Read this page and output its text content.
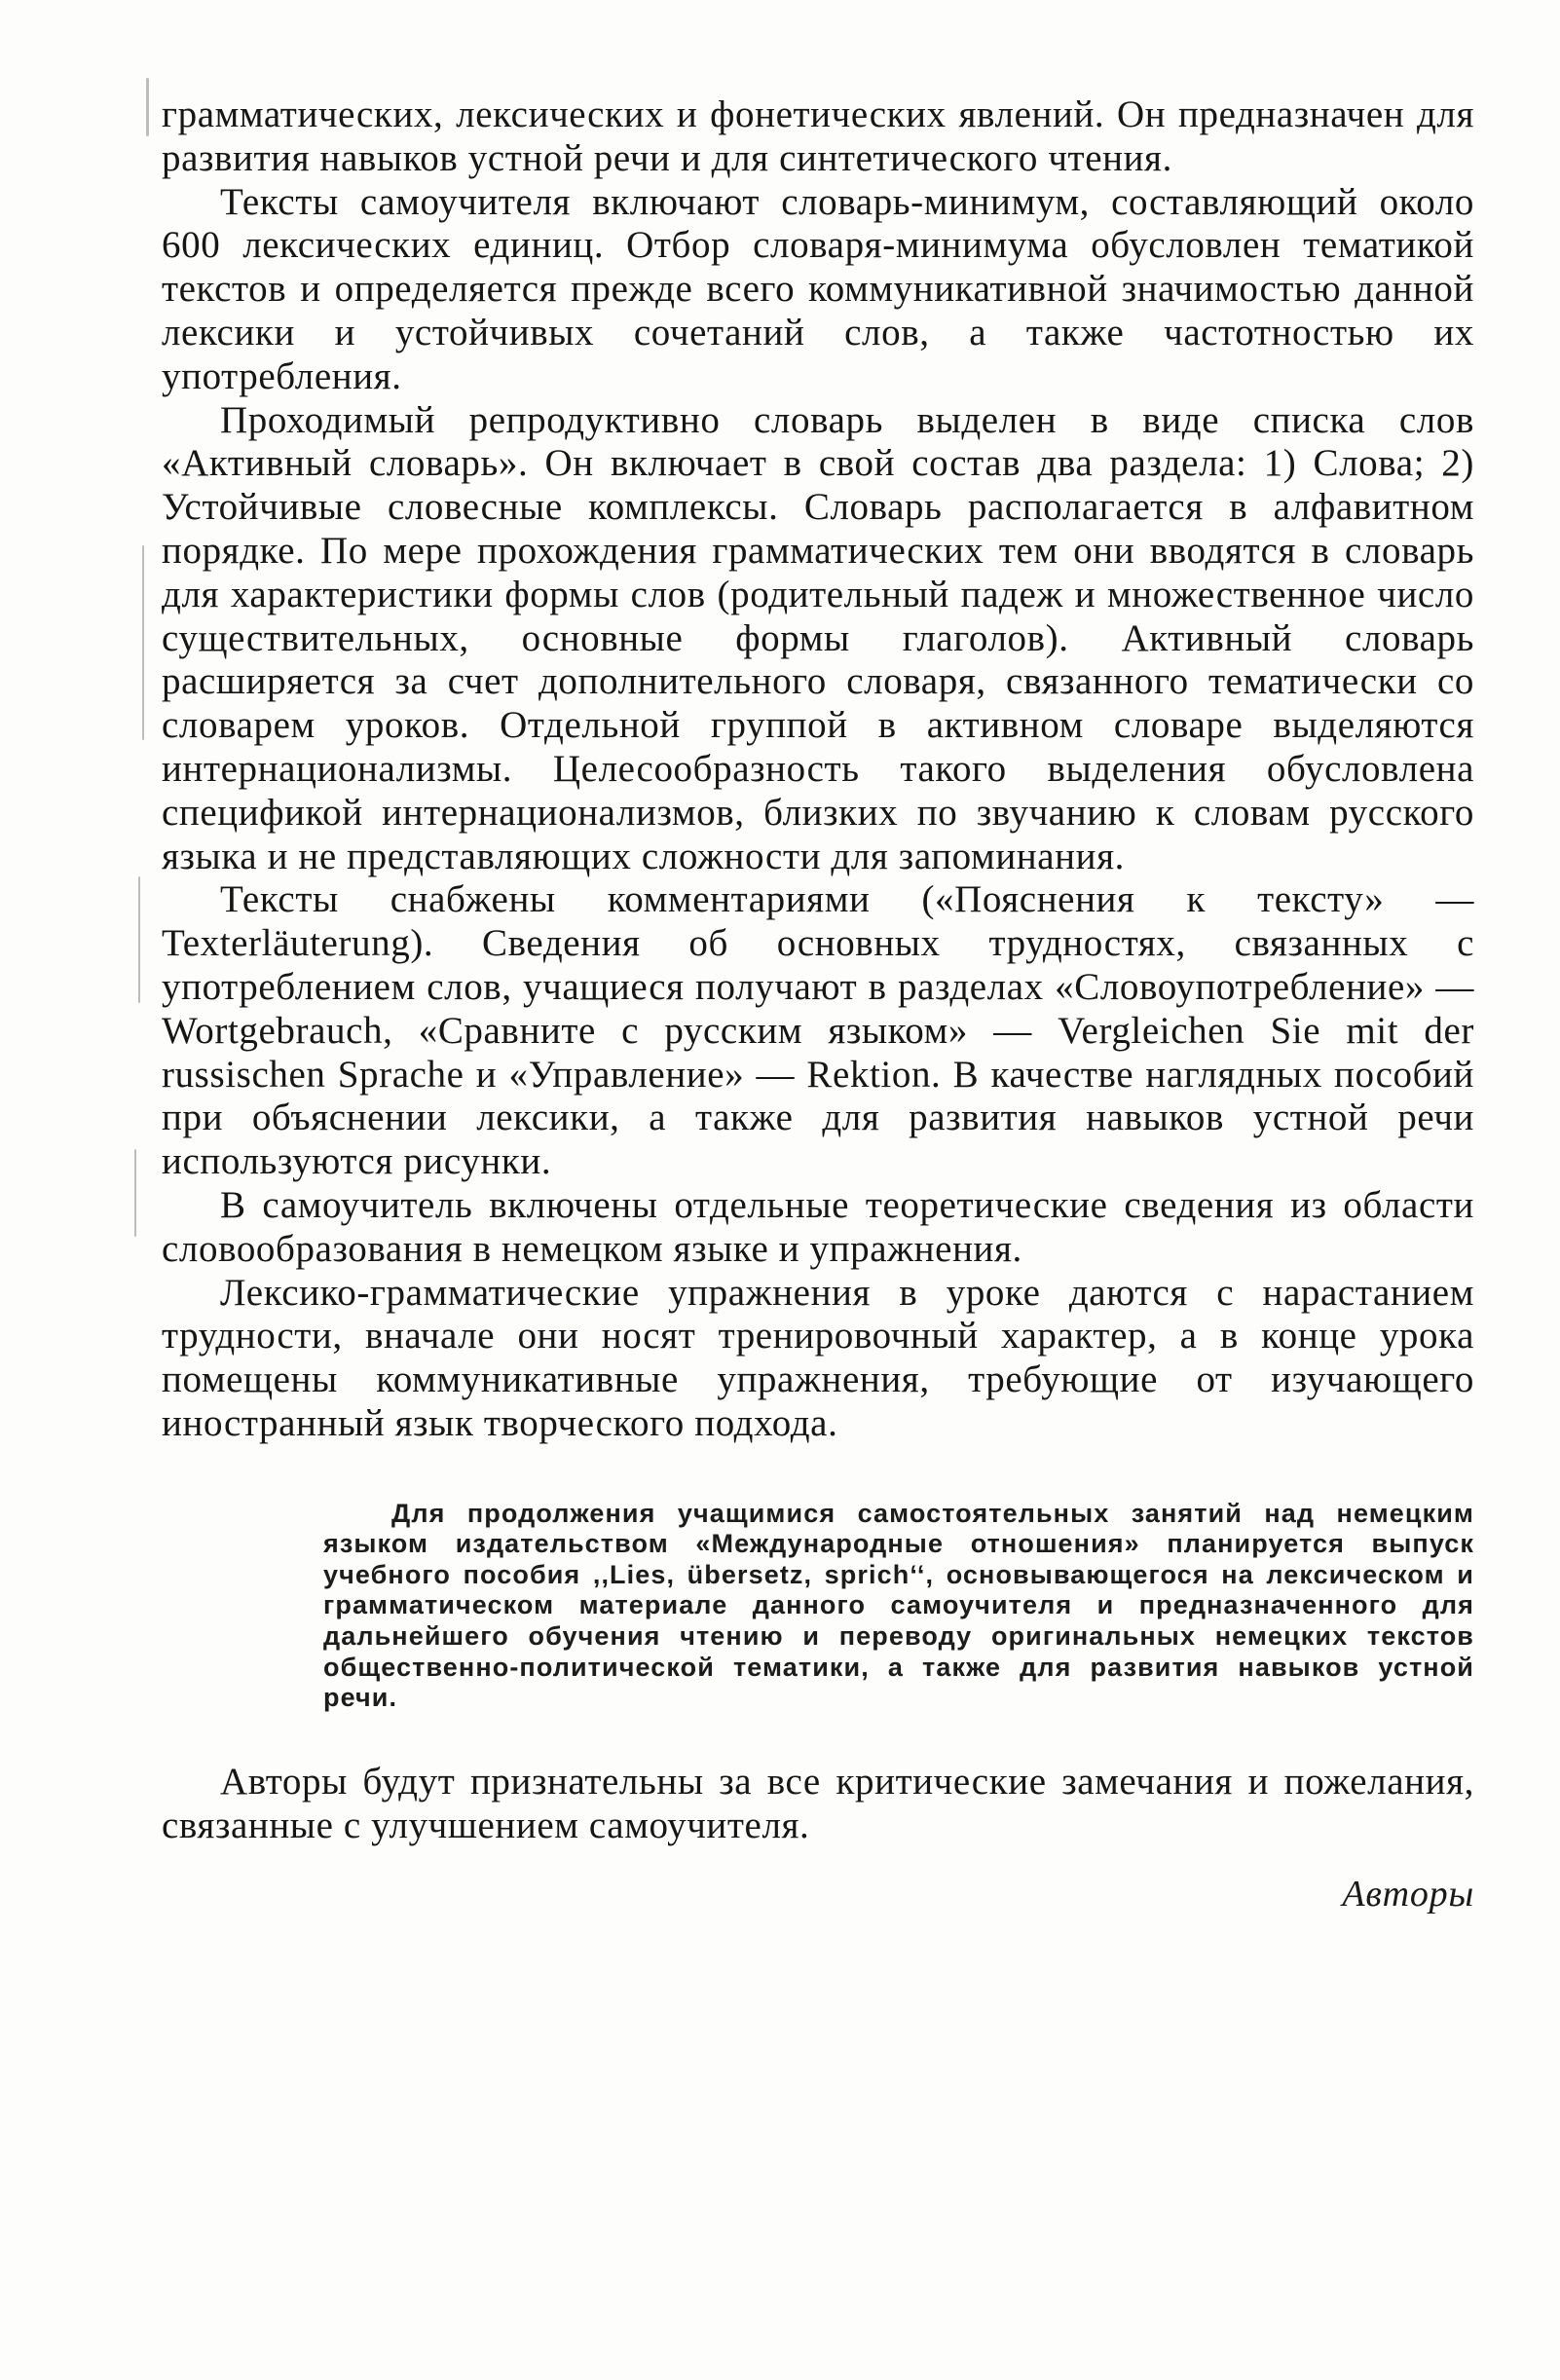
грамматических, лексических и фонетических явлений. Он предназначен для развития навыков устной речи и для синтетического чтения.

Тексты самоучителя включают словарь-минимум, составляющий около 600 лексических единиц. Отбор словаря-минимума обусловлен тематикой текстов и определяется прежде всего коммуникативной значимостью данной лексики и устойчивых сочетаний слов, а также частотностью их употребления.

Проходимый репродуктивно словарь выделен в виде списка слов «Активный словарь». Он включает в свой состав два раздела: 1) Слова; 2) Устойчивые словесные комплексы. Словарь располагается в алфавитном порядке. По мере прохождения грамматических тем они вводятся в словарь для характеристики формы слов (родительный падеж и множественное число существительных, основные формы глаголов). Активный словарь расширяется за счет дополнительного словаря, связанного тематически со словарем уроков. Отдельной группой в активном словаре выделяются интернационализмы. Целесообразность такого выделения обусловлена спецификой интернационализмов, близких по звучанию к словам русского языка и не представляющих сложности для запоминания.

Тексты снабжены комментариями («Пояснения к тексту» — Texterläuterung). Сведения об основных трудностях, связанных с употреблением слов, учащиеся получают в разделах «Словоупотребление» — Wortgebrauch, «Сравните с русским языком» — Vergleichen Sie mit der russischen Sprache и «Управление» — Rektion. В качестве наглядных пособий при объяснении лексики, а также для развития навыков устной речи используются рисунки.

В самоучитель включены отдельные теоретические сведения из области словообразования в немецком языке и упражнения.

Лексико-грамматические упражнения в уроке даются с нарастанием трудности, вначале они носят тренировочный характер, а в конце урока помещены коммуникативные упражнения, требующие от изучающего иностранный язык творческого подхода.

Для продолжения учащимися самостоятельных занятий над немецким языком издательством «Международные отношения» планируется выпуск учебного пособия ,,Lies, übersetz, sprich‘‘, основывающегося на лексическом и грамматическом материале данного самоучителя и предназначенного для дальнейшего обучения чтению и переводу оригинальных немецких текстов общественно-политической тематики, а также для развития навыков устной речи.

Авторы будут признательны за все критические замечания и пожелания, связанные с улучшением самоучителя.

Авторы
